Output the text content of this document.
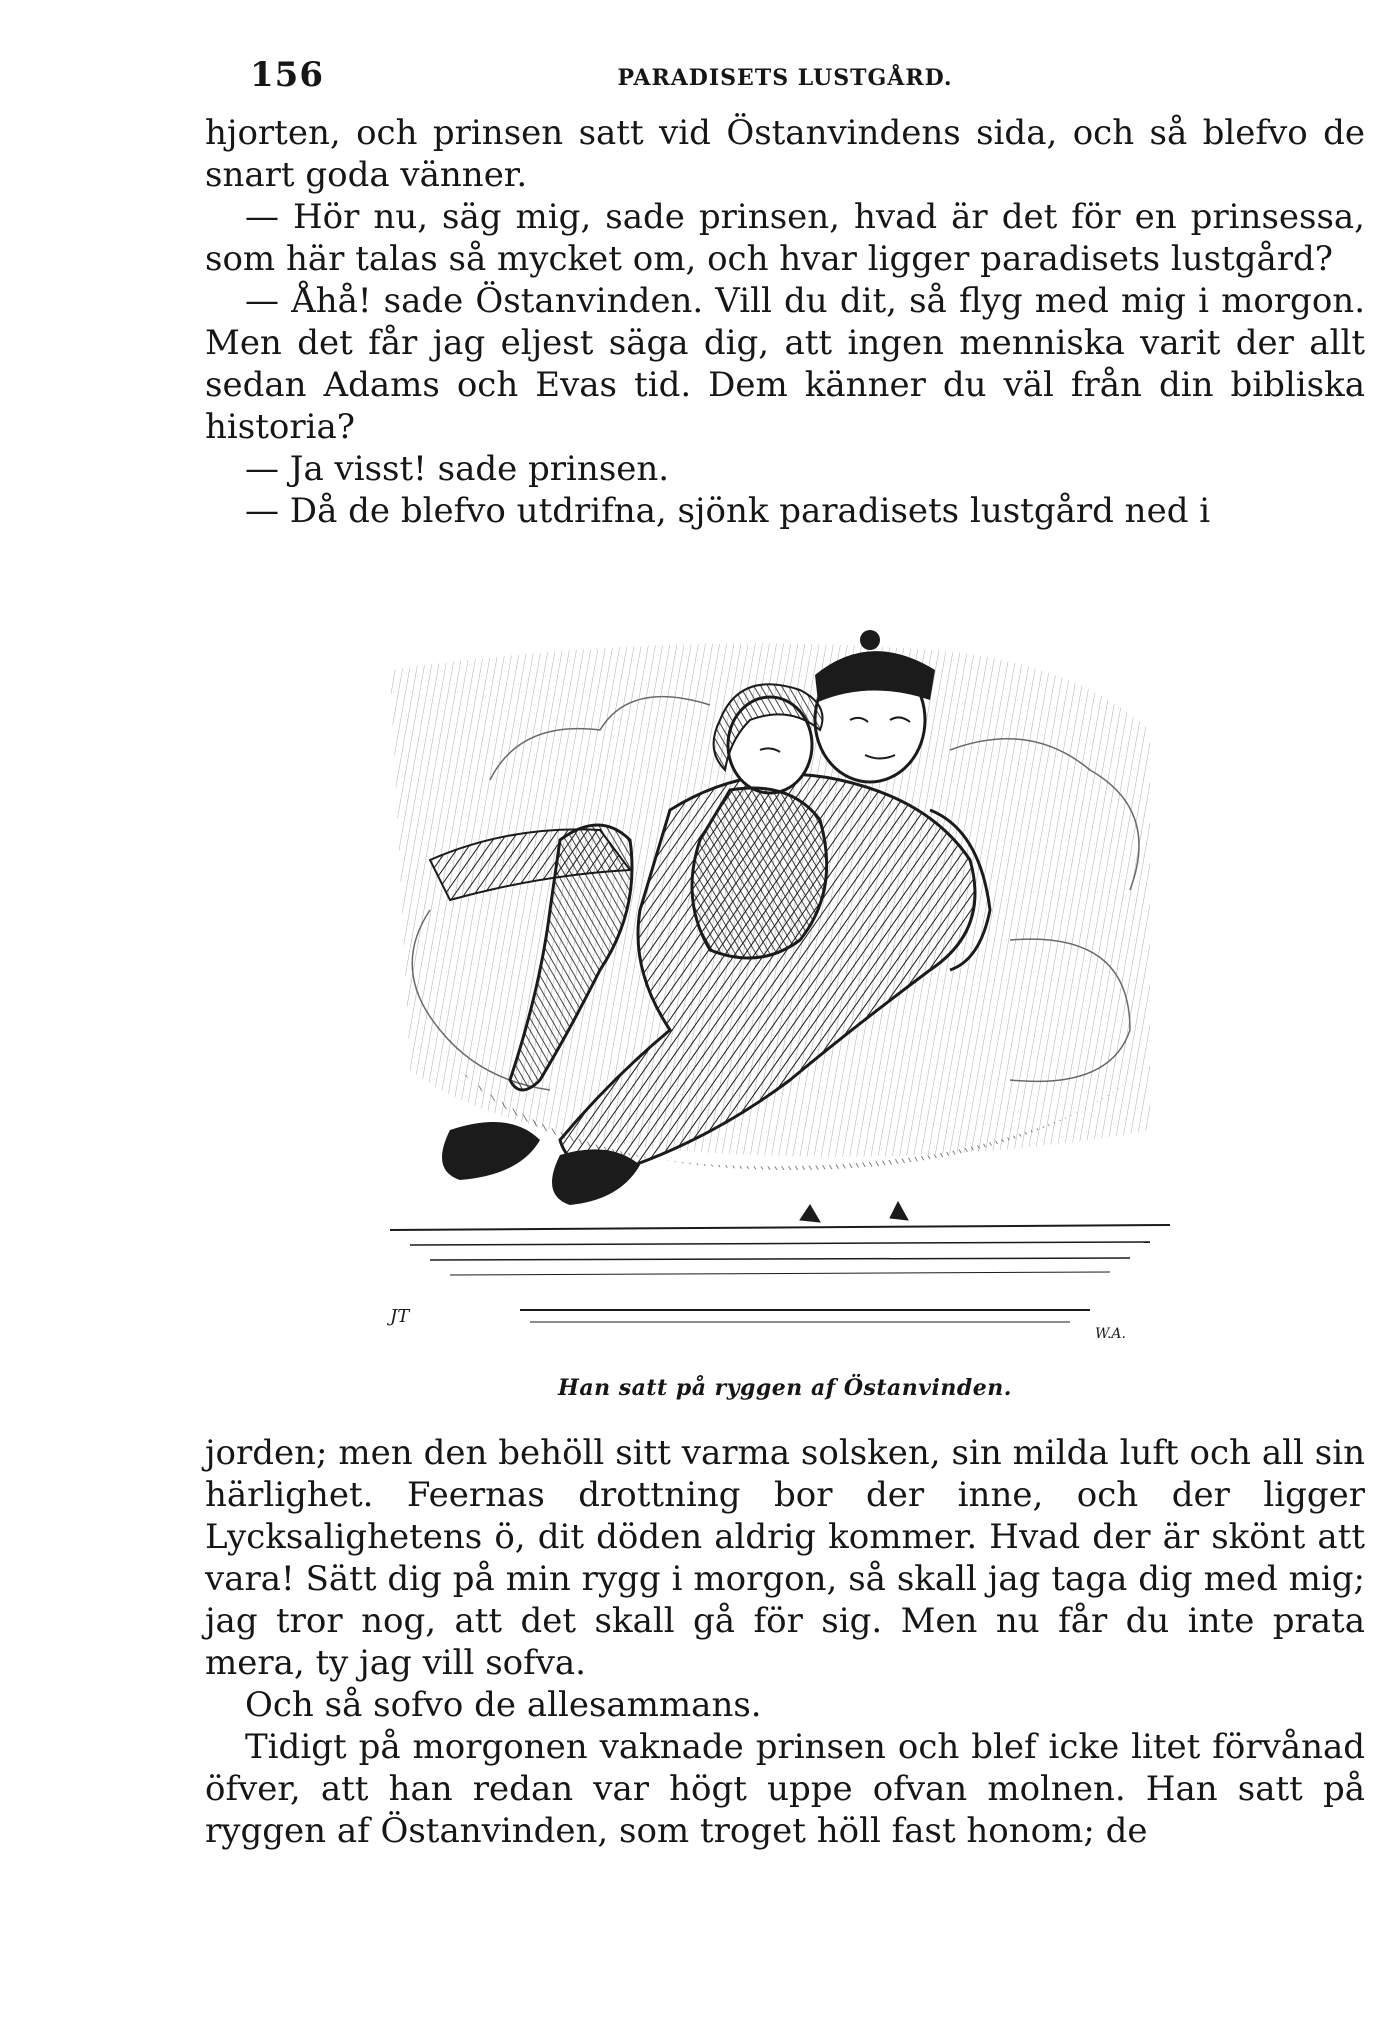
156	PARADISETS LUSTGÅRD.

hjorten, och prinsen satt vid Östanvindens sida, och så blefvo de snart goda vänner.

— Hör nu, säg mig, sade prinsen, hvad är det för en prinsessa, som här talas så mycket om, och hvar ligger paradisets lustgård?

— Åhå! sade Östanvinden. Vill du dit, så flyg med mig i morgon. Men det får jag eljest säga dig, att ingen menniska varit der allt sedan Adams och Evas tid. Dem känner du väl från din bibliska historia?

— Ja visst! sade prinsen.

— Då de blefvo utdrifna, sjönk paradisets lustgård ned i

JT
W.A.
Han satt på ryggen af Östanvinden.

jorden; men den behöll sitt varma solsken, sin milda luft och all sin härlighet. Feernas drottning bor der inne, och der ligger Lycksalighetens ö, dit döden aldrig kommer. Hvad der är skönt att vara! Sätt dig på min rygg i morgon, så skall jag taga dig med mig; jag tror nog, att det skall gå för sig. Men nu får du inte prata mera, ty jag vill sofva.

Och så sofvo de allesammans.

Tidigt på morgonen vaknade prinsen och blef icke litet förvånad öfver, att han redan var högt uppe ofvan molnen. Han satt på ryggen af Östanvinden, som troget höll fast honom; de
